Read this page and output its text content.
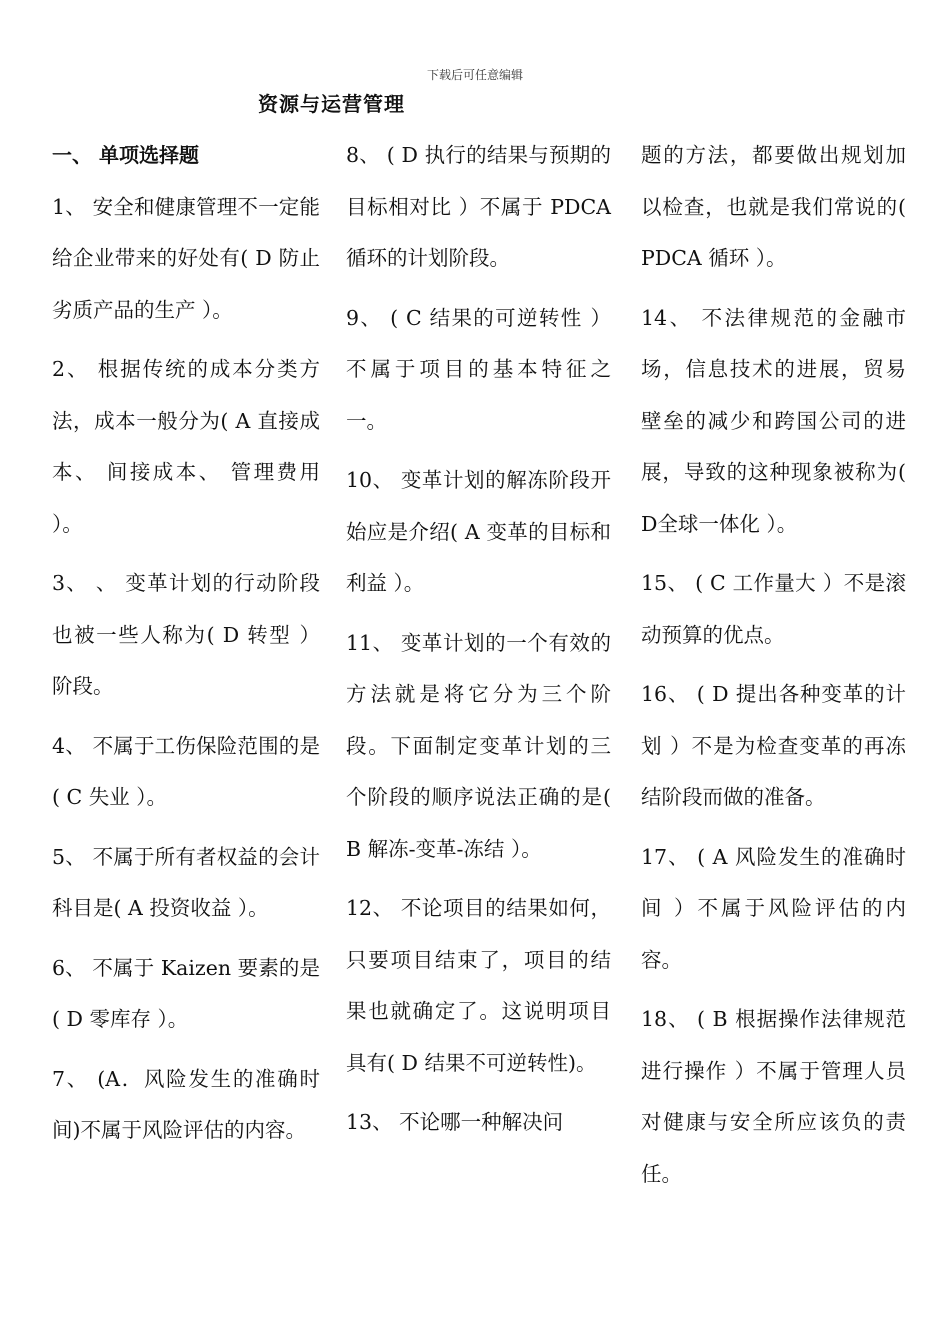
下载后可任意编辑
资源与运营管理
一、 单项选择题

1、 安全和健康管理不一定能给企业带来的好处有( D 防止劣质产品的生产 ）。

2、 根据传统的成本分类方法，成本一般分为( A 直接成本、 间接成本、 管理费用 ）。

3、 、 变革计划的行动阶段也被一些人称为( D 转型 ）阶段。

4、 不属于工伤保险范围的是( C 失业 ）。

5、 不属于所有者权益的会计科目是( A 投资收益 ）。

6、 不属于 Kaizen 要素的是( D 零库存 ）。

7、 (A．风险发生的准确时间)不属于风险评估的内容。

8、 ( D 执行的结果与预期的目标相对比 ）不属于 PDCA 循环的计划阶段。

9、 ( C 结果的可逆转性 ）不属于项目的基本特征之一。

10、 变革计划的解冻阶段开始应是介绍( A 变革的目标和利益 ）。

11、 变革计划的一个有效的方法就是将它分为三个阶段。下面制定变革计划的三个阶段的顺序说法正确的是( B 解冻-变革-冻结 ）。

12、 不论项目的结果如何，只要项目结束了，项目的结果也就确定了。这说明项目具有( D 结果不可逆转性)。

13、 不论哪一种解决问

题的方法，都要做出规划加以检查，也就是我们常说的( PDCA 循环 ）。

14、 不法律规范的金融市场，信息技术的进展，贸易壁垒的减少和跨国公司的进展，导致的这种现象被称为( D全球一体化 ）。

15、 ( C 工作量大 ）不是滚动预算的优点。

16、 ( D 提出各种变革的计划 ）不是为检查变革的再冻结阶段而做的准备。

17、 ( A 风险发生的准确时间 ）不属于风险评估的内容。

18、 ( B 根据操作法律规范进行操作 ）不属于管理人员对健康与安全所应该负的责任。
